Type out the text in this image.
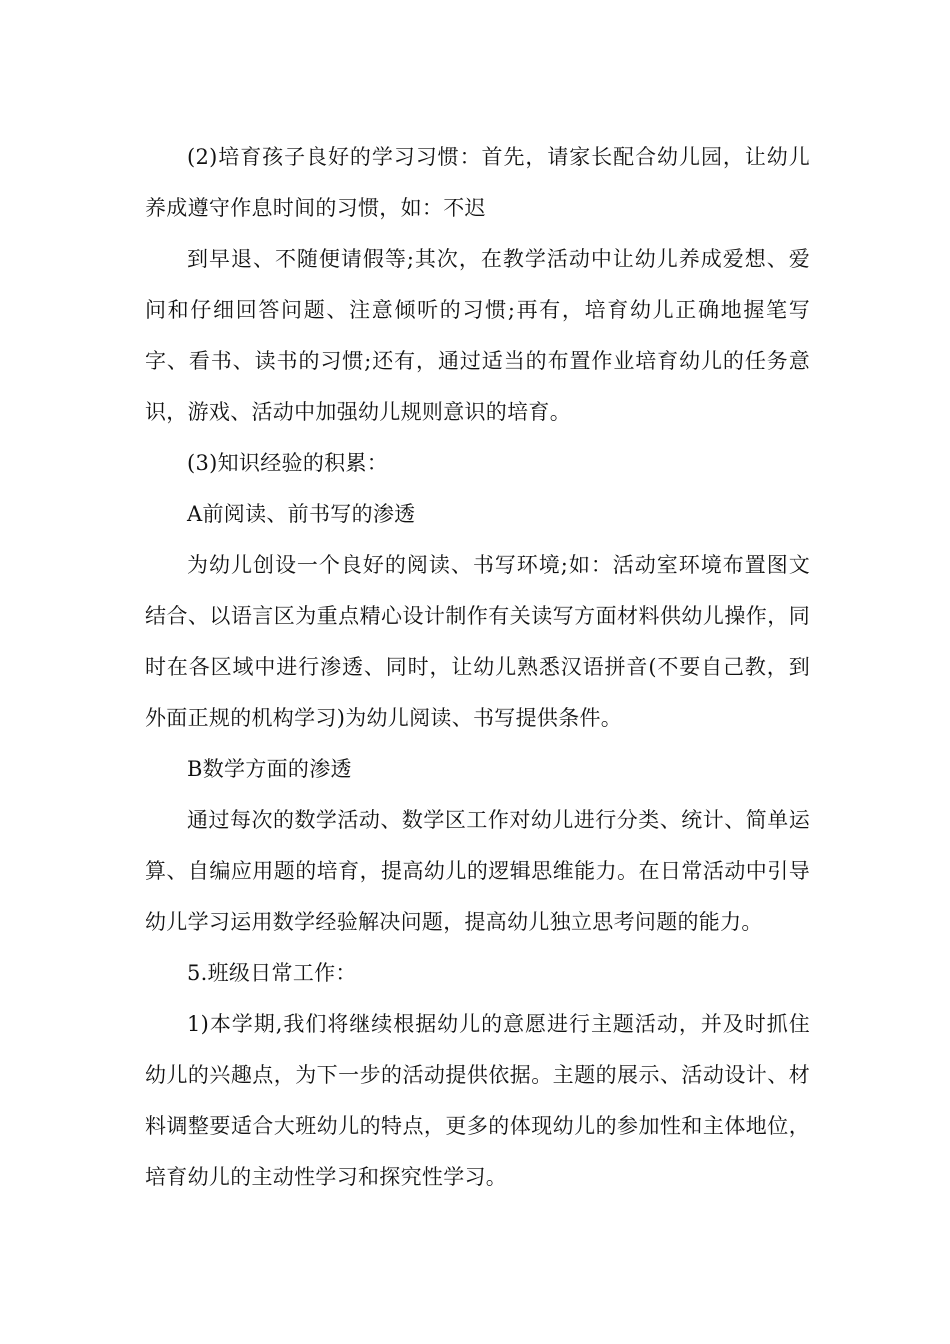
(2)培育孩子良好的学习习惯：首先，请家长配合幼儿园，让幼儿养成遵守作息时间的习惯，如：不迟

到早退、不随便请假等;其次，在教学活动中让幼儿养成爱想、爱问和仔细回答问题、注意倾听的习惯;再有，培育幼儿正确地握笔写字、看书、读书的习惯;还有，通过适当的布置作业培育幼儿的任务意识，游戏、活动中加强幼儿规则意识的培育。

(3)知识经验的积累：

A前阅读、前书写的渗透

为幼儿创设一个良好的阅读、书写环境;如：活动室环境布置图文结合、以语言区为重点精心设计制作有关读写方面材料供幼儿操作，同时在各区域中进行渗透、同时，让幼儿熟悉汉语拼音(不要自己教，到外面正规的机构学习)为幼儿阅读、书写提供条件。

B数学方面的渗透

通过每次的数学活动、数学区工作对幼儿进行分类、统计、简单运算、自编应用题的培育，提高幼儿的逻辑思维能力。在日常活动中引导幼儿学习运用数学经验解决问题，提高幼儿独立思考问题的能力。

5.班级日常工作：

1)本学期,我们将继续根据幼儿的意愿进行主题活动，并及时抓住幼儿的兴趣点，为下一步的活动提供依据。主题的展示、活动设计、材料调整要适合大班幼儿的特点，更多的体现幼儿的参加性和主体地位，培育幼儿的主动性学习和探究性学习。
